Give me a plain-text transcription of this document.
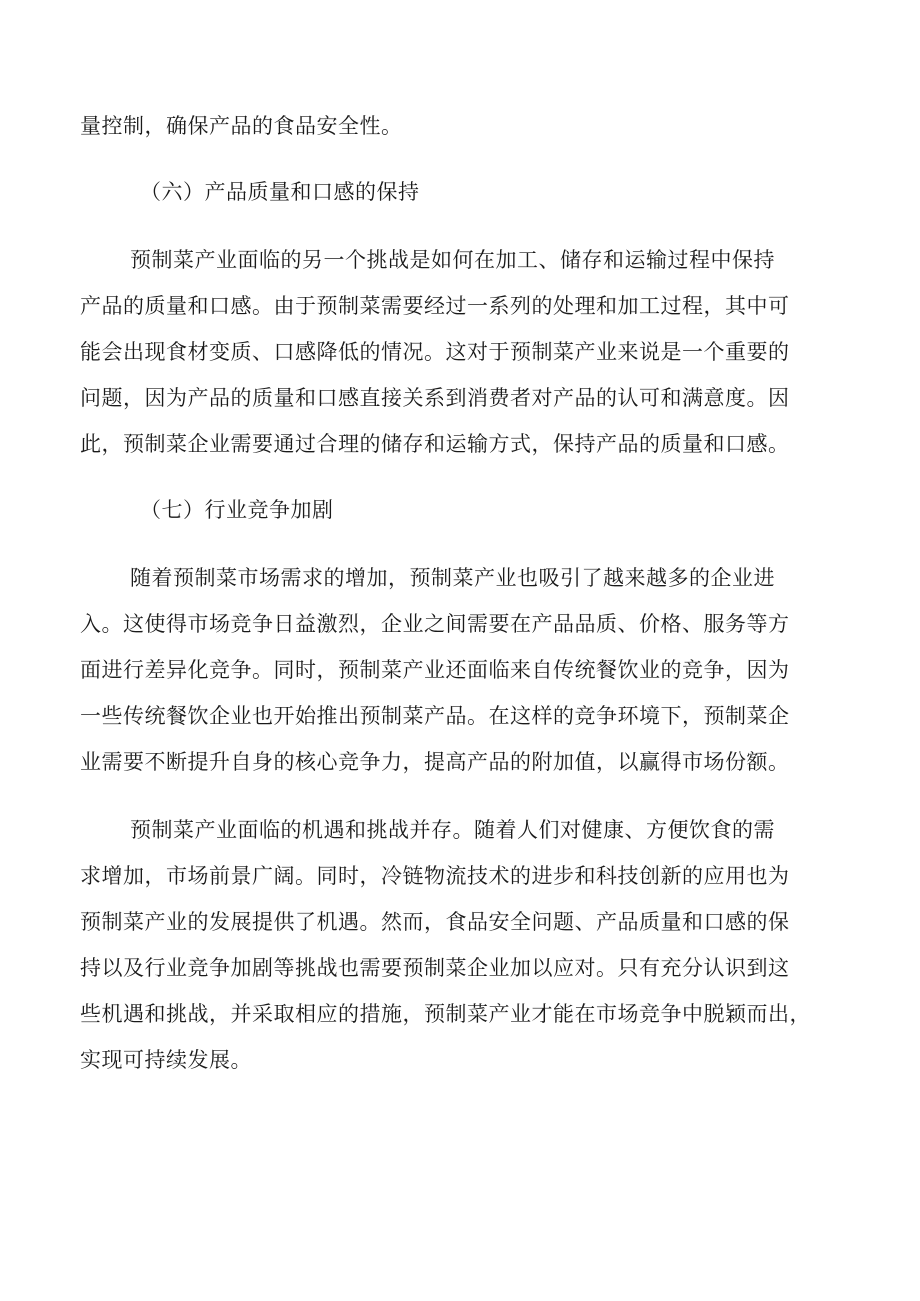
量控制，确保产品的食品安全性。
（六）产品质量和口感的保持
预制菜产业面临的另一个挑战是如何在加工、储存和运输过程中保持
产品的质量和口感。由于预制菜需要经过一系列的处理和加工过程，其中可
能会出现食材变质、口感降低的情况。这对于预制菜产业来说是一个重要的
问题，因为产品的质量和口感直接关系到消费者对产品的认可和满意度。因
此，预制菜企业需要通过合理的储存和运输方式，保持产品的质量和口感。
（七）行业竞争加剧
随着预制菜市场需求的增加，预制菜产业也吸引了越来越多的企业进
入。这使得市场竞争日益激烈，企业之间需要在产品品质、价格、服务等方
面进行差异化竞争。同时，预制菜产业还面临来自传统餐饮业的竞争，因为
一些传统餐饮企业也开始推出预制菜产品。在这样的竞争环境下，预制菜企
业需要不断提升自身的核心竞争力，提高产品的附加值，以赢得市场份额。
预制菜产业面临的机遇和挑战并存。随着人们对健康、方便饮食的需
求增加，市场前景广阔。同时，冷链物流技术的进步和科技创新的应用也为
预制菜产业的发展提供了机遇。然而，食品安全问题、产品质量和口感的保
持以及行业竞争加剧等挑战也需要预制菜企业加以应对。只有充分认识到这
些机遇和挑战，并采取相应的措施，预制菜产业才能在市场竞争中脱颖而出，
实现可持续发展。
